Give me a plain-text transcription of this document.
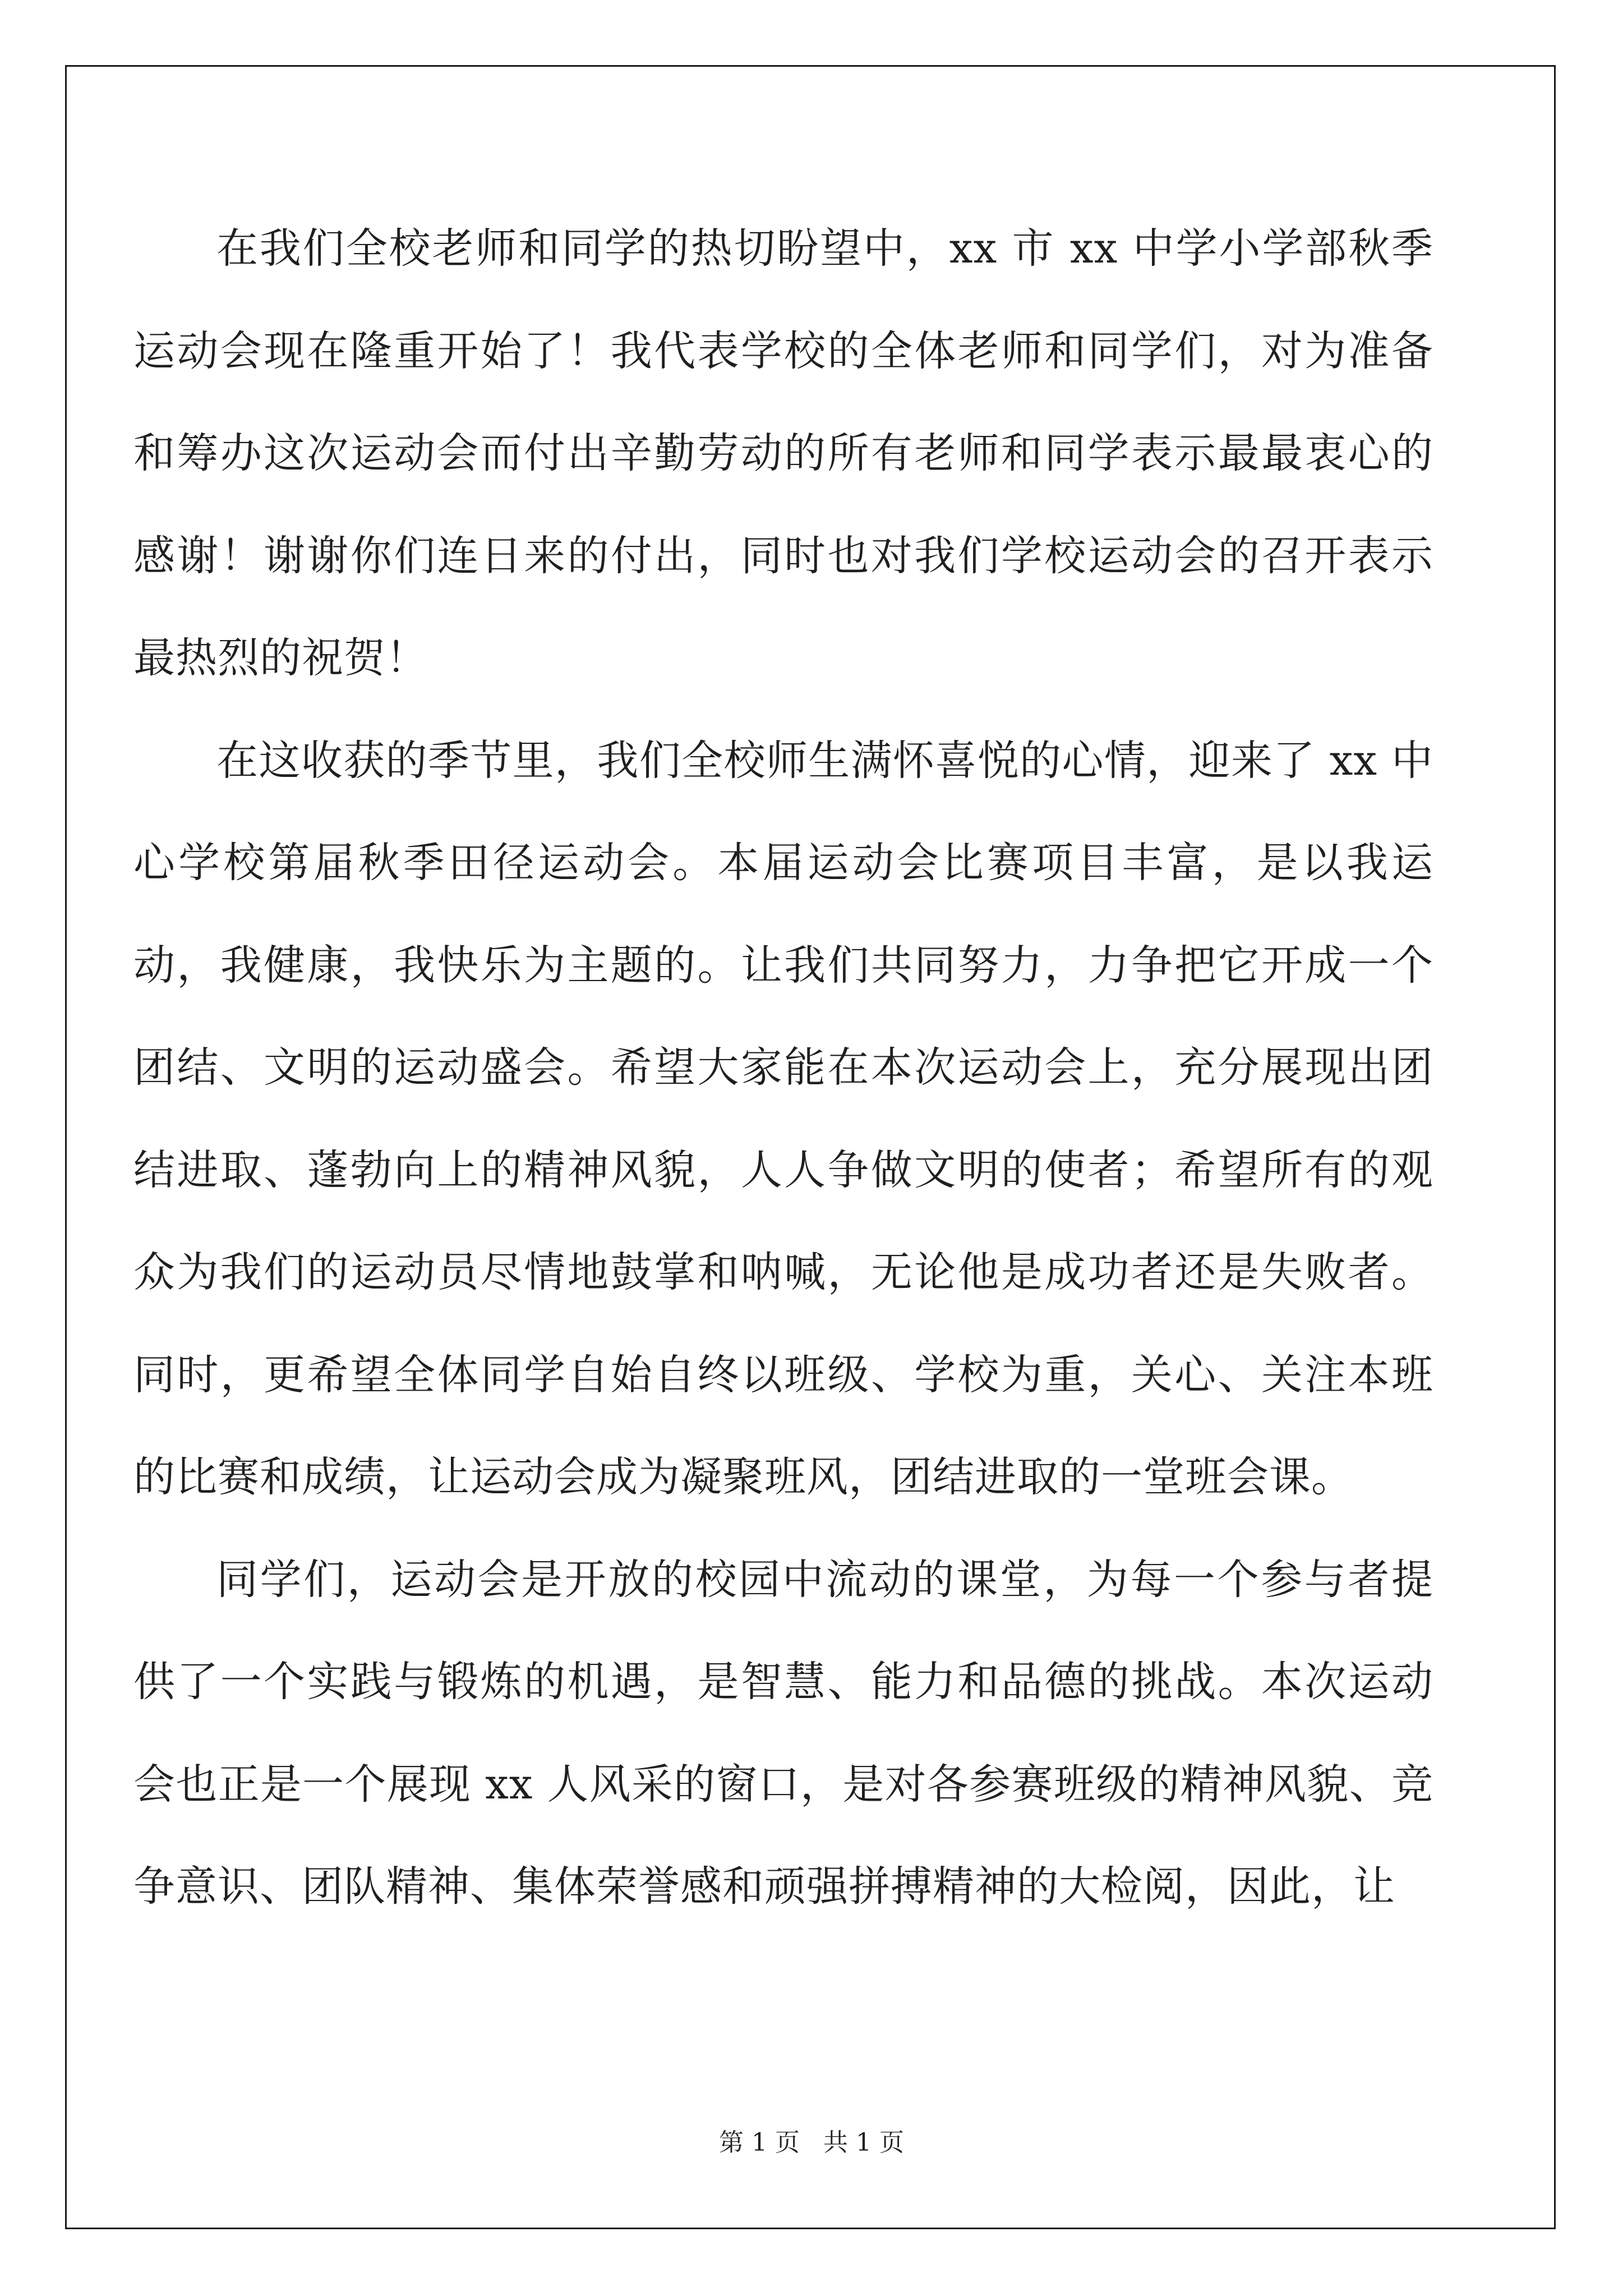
在我们全校老师和同学的热切盼望中，xx 市 xx 中学小学部秋季运动会现在隆重开始了！我代表学校的全体老师和同学们，对为准备和筹办这次运动会而付出辛勤劳动的所有老师和同学表示最最衷心的感谢！谢谢你们连日来的付出，同时也对我们学校运动会的召开表示最热烈的祝贺！

在这收获的季节里，我们全校师生满怀喜悦的心情，迎来了 xx 中心学校第届秋季田径运动会。本届运动会比赛项目丰富，是以我运动，我健康，我快乐为主题的。让我们共同努力，力争把它开成一个团结、文明的运动盛会。希望大家能在本次运动会上，充分展现出团结进取、蓬勃向上的精神风貌，人人争做文明的使者；希望所有的观众为我们的运动员尽情地鼓掌和呐喊，无论他是成功者还是失败者。同时，更希望全体同学自始自终以班级、学校为重，关心、关注本班的比赛和成绩，让运动会成为凝聚班风，团结进取的一堂班会课。

同学们，运动会是开放的校园中流动的课堂，为每一个参与者提供了一个实践与锻炼的机遇，是智慧、能力和品德的挑战。本次运动会也正是一个展现 xx 人风采的窗口，是对各参赛班级的精神风貌、竞争意识、团队精神、集体荣誉感和顽强拼搏精神的大检阅，因此，让

第 1 页   共 1 页
